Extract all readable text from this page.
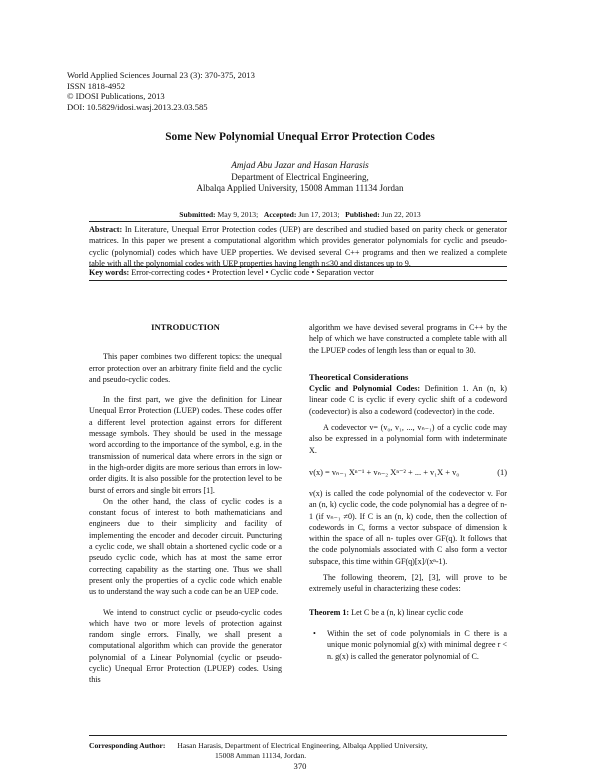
World Applied Sciences Journal 23 (3): 370-375, 2013
ISSN 1818-4952
© IDOSI Publications, 2013
DOI: 10.5829/idosi.wasj.2013.23.03.585
Some New Polynomial Unequal Error Protection Codes
Amjad Abu Jazar and Hasan Harasis
Department of Electrical Engineering,
Albalqa Applied University, 15008 Amman 11134 Jordan
Submitted: May 9, 2013; Accepted: Jun 17, 2013; Published: Jun 22, 2013
Abstract: In Literature, Unequal Error Protection codes (UEP) are described and studied based on parity check or generator matrices. In this paper we present a computational algorithm which provides generator polynomials for cyclic and pseudo-cyclic (polynomial) codes which have UEP properties. We devised several C++ programs and then we realized a complete table with all the polynomial codes with UEP properties having length n≤30 and distances up to 9.
Key words: Error-correcting codes • Protection level • Cyclic code • Separation vector
INTRODUCTION

This paper combines two different topics: the unequal error protection over an arbitrary finite field and the cyclic and pseudo-cyclic codes.

In the first part, we give the definition for Linear Unequal Error Protection (LUEP) codes. These codes offer a different level protection against errors for different message symbols. They should be used in the message word according to the importance of the symbol, e.g. in the transmission of numerical data where errors in the sign or in the high-order digits are more serious than errors in low-order digits. It is also possible for the protection level to be burst of errors and single bit errors [1].

On the other hand, the class of cyclic codes is a constant focus of interest to both mathematicians and engineers due to their simplicity and facility of implementing the encoder and decoder circuit. Puncturing a cyclic code, we shall obtain a shortened cyclic code or a pseudo cyclic code, which has at most the same error correcting capability as the starting one. Thus we shall present only the properties of a cyclic code which enable us to understand the way such a code can be an UEP code.

We intend to construct cyclic or pseudo-cyclic codes which have two or more levels of protection against random single errors. Finally, we shall present a computational algorithm which can provide the generator polynomial of a Linear Polynomial (cyclic or pseudo-cyclic) Unequal Error Protection (LPUEP) codes. Using this

algorithm we have devised several programs in C++ by the help of which we have constructed a complete table with all the LPUEP codes of length less than or equal to 30.

Theoretical Considerations

Cyclic and Polynomial Codes: Definition 1. An (n, k) linear code C is cyclic if every cyclic shift of a codeword (codevector) is also a codeword (codevector) in the code.

A codevector v= (v₀, v₁, ..., vₙ₋₁) of a cyclic code may also be expressed in a polynomial form with indeterminate X.

v(x) = vₙ₋₁ Xⁿ⁻¹ + vₙ₋₂ Xⁿ⁻² + ... + v₁X + v₀	(1)

v(x) is called the code polynomial of the codevector v. For an (n, k) cyclic code, the code polynomial has a degree of n-1 (if vₙ₋₁ ≠0). If C is an (n, k) code, then the collection of codewords in C, forms a vector subspace of dimension k within the space of all n- tuples over GF(q). It follows that the code polynomials associated with C also form a vector subspace, this time within GF(q)[x]/(xⁿ-1).

The following theorem, [2], [3], will prove to be extremely useful in characterizing these codes:

Theorem 1: Let C be a (n, k) linear cyclic code

• Within the set of code polynomials in C there is a unique monic polynomial g(x) with minimal degree r < n. g(x) is called the generator polynomial of C.
Corresponding Author: Hasan Harasis, Department of Electrical Engineering, Albalqa Applied University,
15008 Amman 11134, Jordan.
370
